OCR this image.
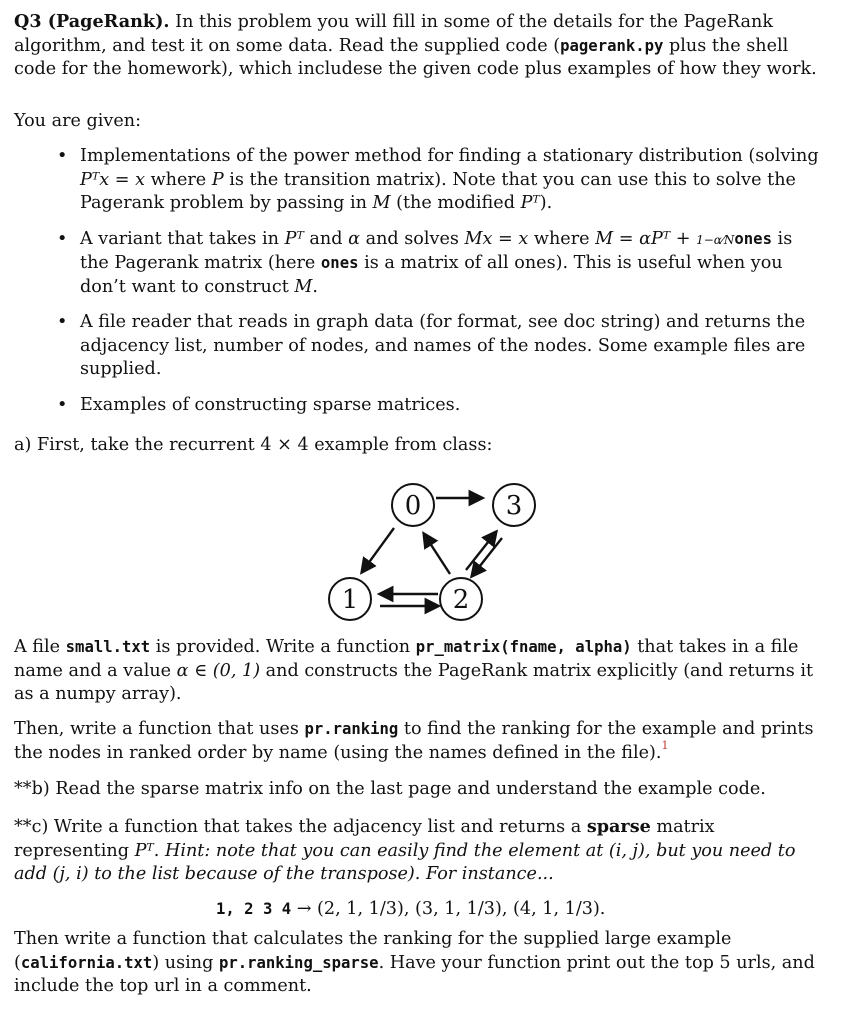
Q3 (PageRank). In this problem you will fill in some of the details for the PageRank algorithm, and test it on some data. Read the supplied code (pagerank.py plus the shell code for the homework), which includese the given code plus examples of how they work.

You are given:

• Implementations of the power method for finding a stationary distribution (solving Pᵀx = x where P is the transition matrix). Note that you can use this to solve the Pagerank problem by passing in M (the modified Pᵀ).
• A variant that takes in Pᵀ and α and solves Mx = x where M = αPᵀ + 1−α⁄Nones is the Pagerank matrix (here ones is a matrix of all ones). This is useful when you don’t want to construct M.
• A file reader that reads in graph data (for format, see doc string) and returns the adjacency list, number of nodes, and names of the nodes. Some example files are supplied.
• Examples of constructing sparse matrices.

a) First, take the recurrent 4 × 4 example from class:

0	3
1	2

A file small.txt is provided. Write a function pr_matrix(fname, alpha) that takes in a file name and a value α ∈ (0, 1) and constructs the PageRank matrix explicitly (and returns it as a numpy array).

Then, write a function that uses pr.ranking to find the ranking for the example and prints the nodes in ranked order by name (using the names defined in the file).$^1$

**b) Read the sparse matrix info on the last page and understand the example code.

**c) Write a function that takes the adjacency list and returns a sparse matrix representing Pᵀ. Hint: note that you can easily find the element at (i, j), but you need to add (j, i) to the list because of the transpose). For instance...

1, 2 3 4 → (2, 1, 1/3), (3, 1, 1/3), (4, 1, 1/3).

Then write a function that calculates the ranking for the supplied large example (california.txt) using pr.ranking_sparse. Have your function print out the top 5 urls, and include the top url in a comment.
